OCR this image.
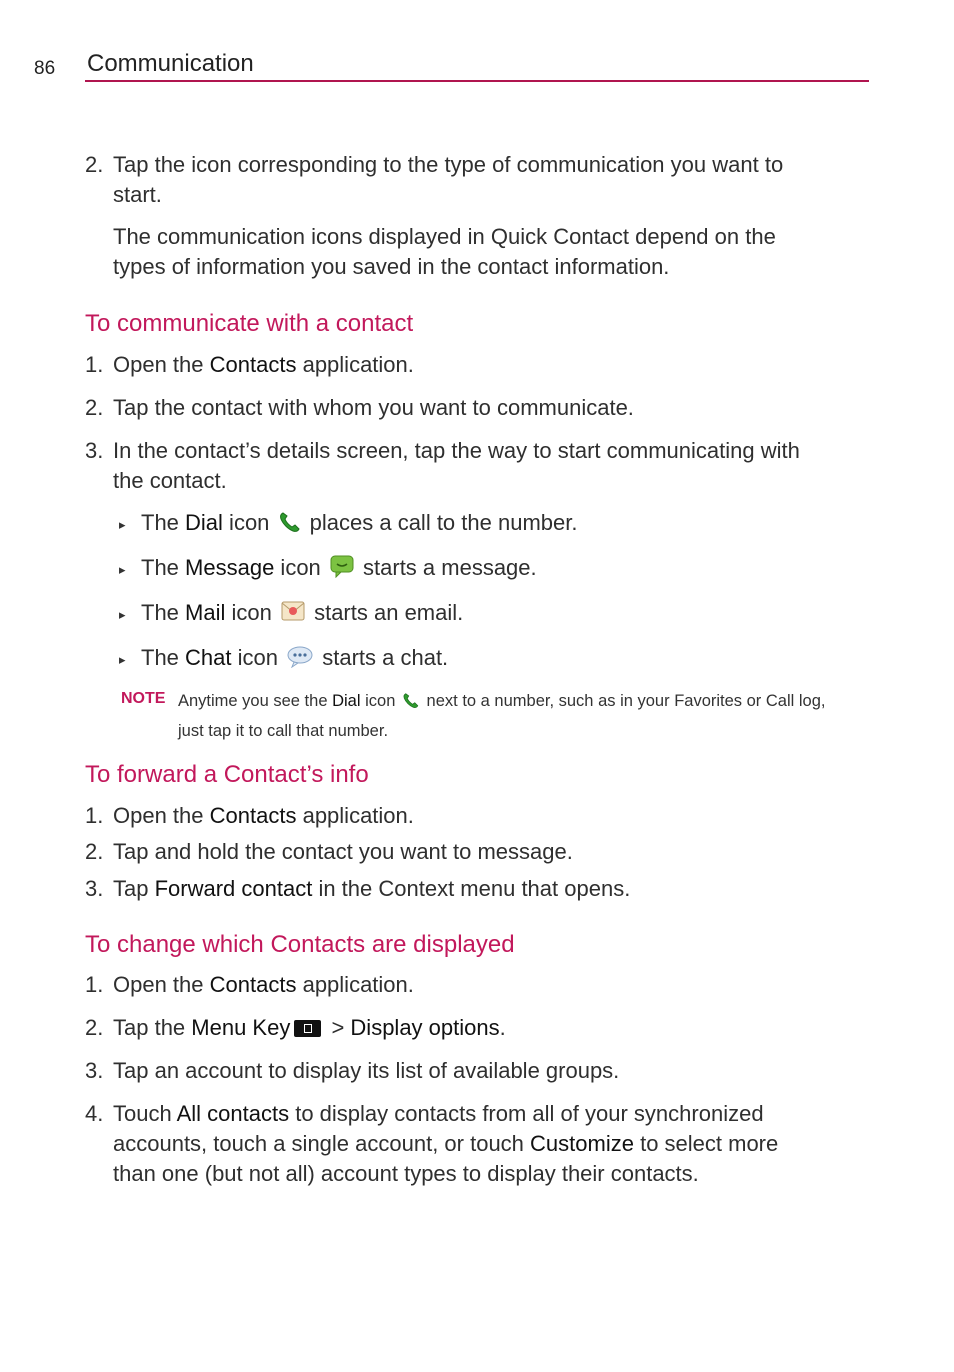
86 Communication
2. Tap the icon corresponding to the type of communication you want to
start.
The communication icons displayed in Quick Contact depend on the
types of information you saved in the contact information.
To communicate with a contact
1. Open the Contacts application.
2. Tap the contact with whom you want to communicate.
3. In the contact’s details screen, tap the way to start communicating with
the contact.
▸ The Dial icon  places a call to the number.
▸ The Message icon  starts a message.
▸ The Mail icon  starts an email.
▸ The Chat icon  starts a chat.
NOTE Anytime you see the Dial icon  next to a number, such as in your Favorites or Call log,
just tap it to call that number.
To forward a Contact’s info
1. Open the Contacts application.
2. Tap and hold the contact you want to message.
3. Tap Forward contact in the Context menu that opens.
To change which Contacts are displayed
1. Open the Contacts application.
2. Tap the Menu Key > Display options.
3. Tap an account to display its list of available groups.
4. Touch All contacts to display contacts from all of your synchronized
accounts, touch a single account, or touch Customize to select more
than one (but not all) account types to display their contacts.
